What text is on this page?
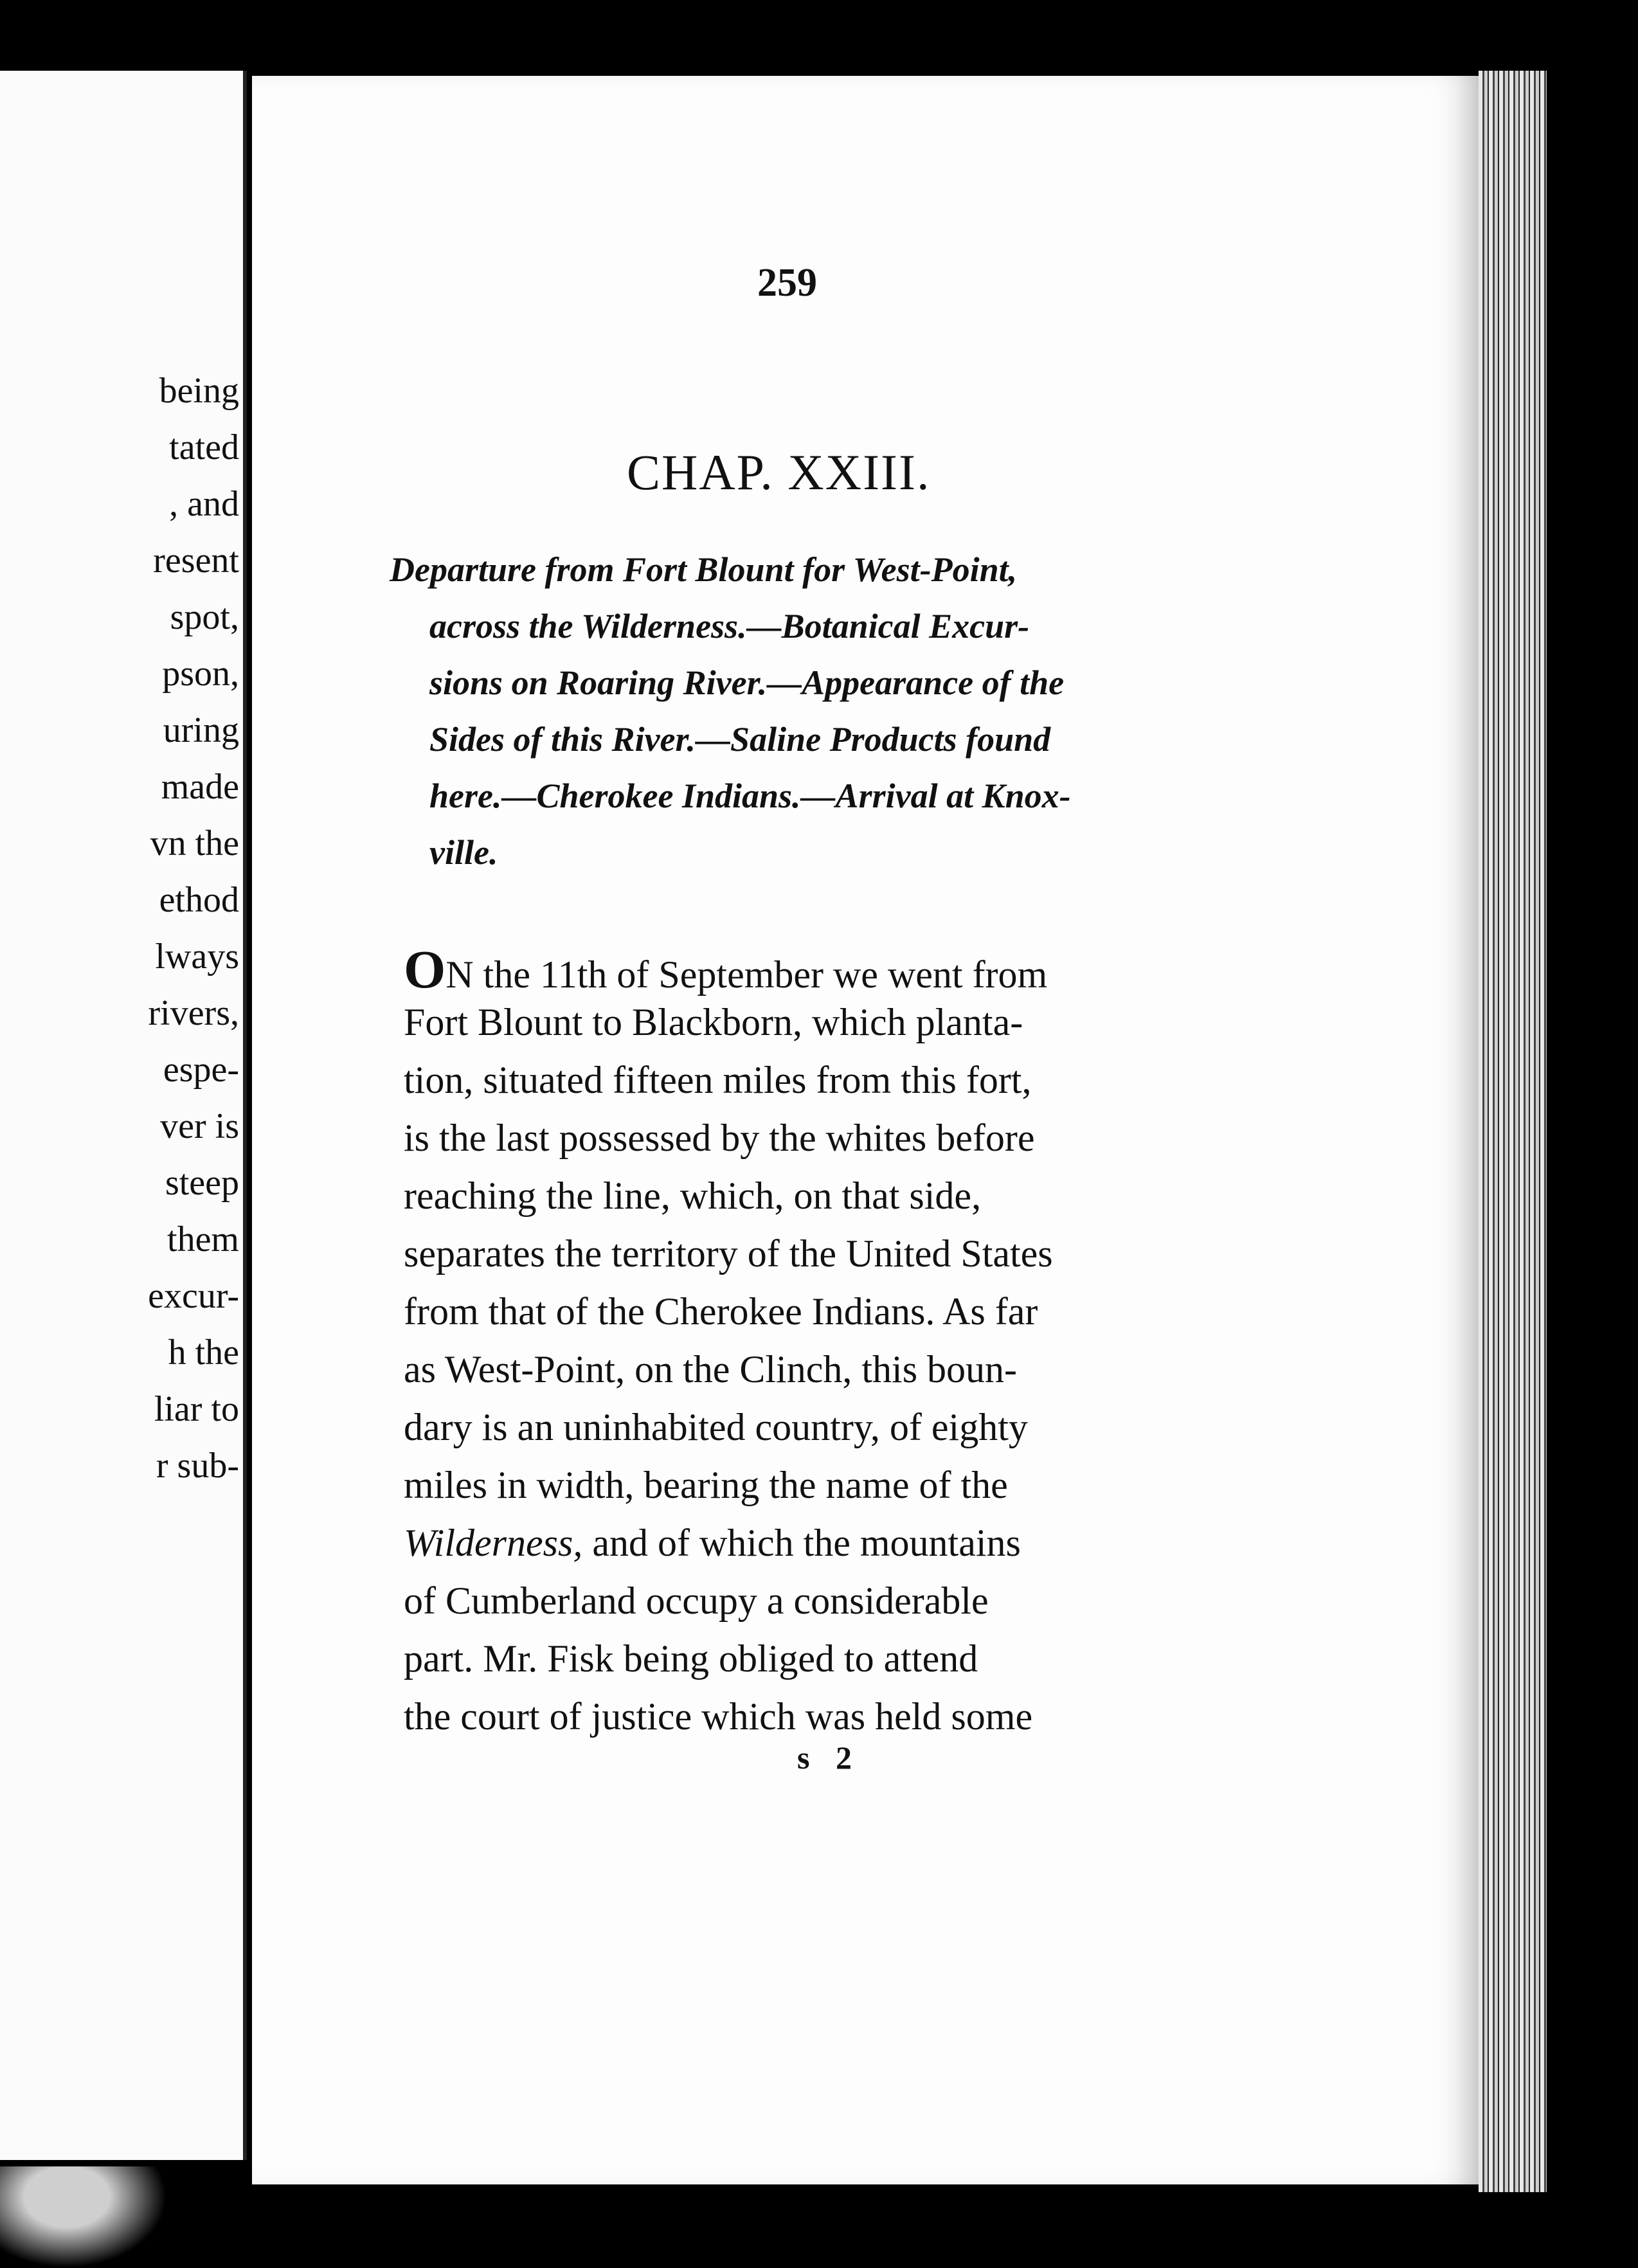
being
tated
, and
resent
spot,
pson,
uring
made
vn the
ethod
lways
rivers,
espe-
ver is
steep
them
excur-
h the
liar to
r sub-
259
CHAP. XXIII.
Departure from Fort Blount for West-Point,
across the Wilderness.—Botanical Excur-
sions on Roaring River.—Appearance of the
Sides of this River.—Saline Products found
here.—Cherokee Indians.—Arrival at Knox-
ville.
ON the 11th of September we went from
Fort Blount to Blackborn, which planta-
tion, situated fifteen miles from this fort,
is the last possessed by the whites before
reaching the line, which, on that side,
separates the territory of the United States
from that of the Cherokee Indians. As far
as West-Point, on the Clinch, this boun-
dary is an uninhabited country, of eighty
miles in width, bearing the name of the
Wilderness, and of which the mountains
of Cumberland occupy a considerable
part. Mr. Fisk being obliged to attend
the court of justice which was held some
s 2
